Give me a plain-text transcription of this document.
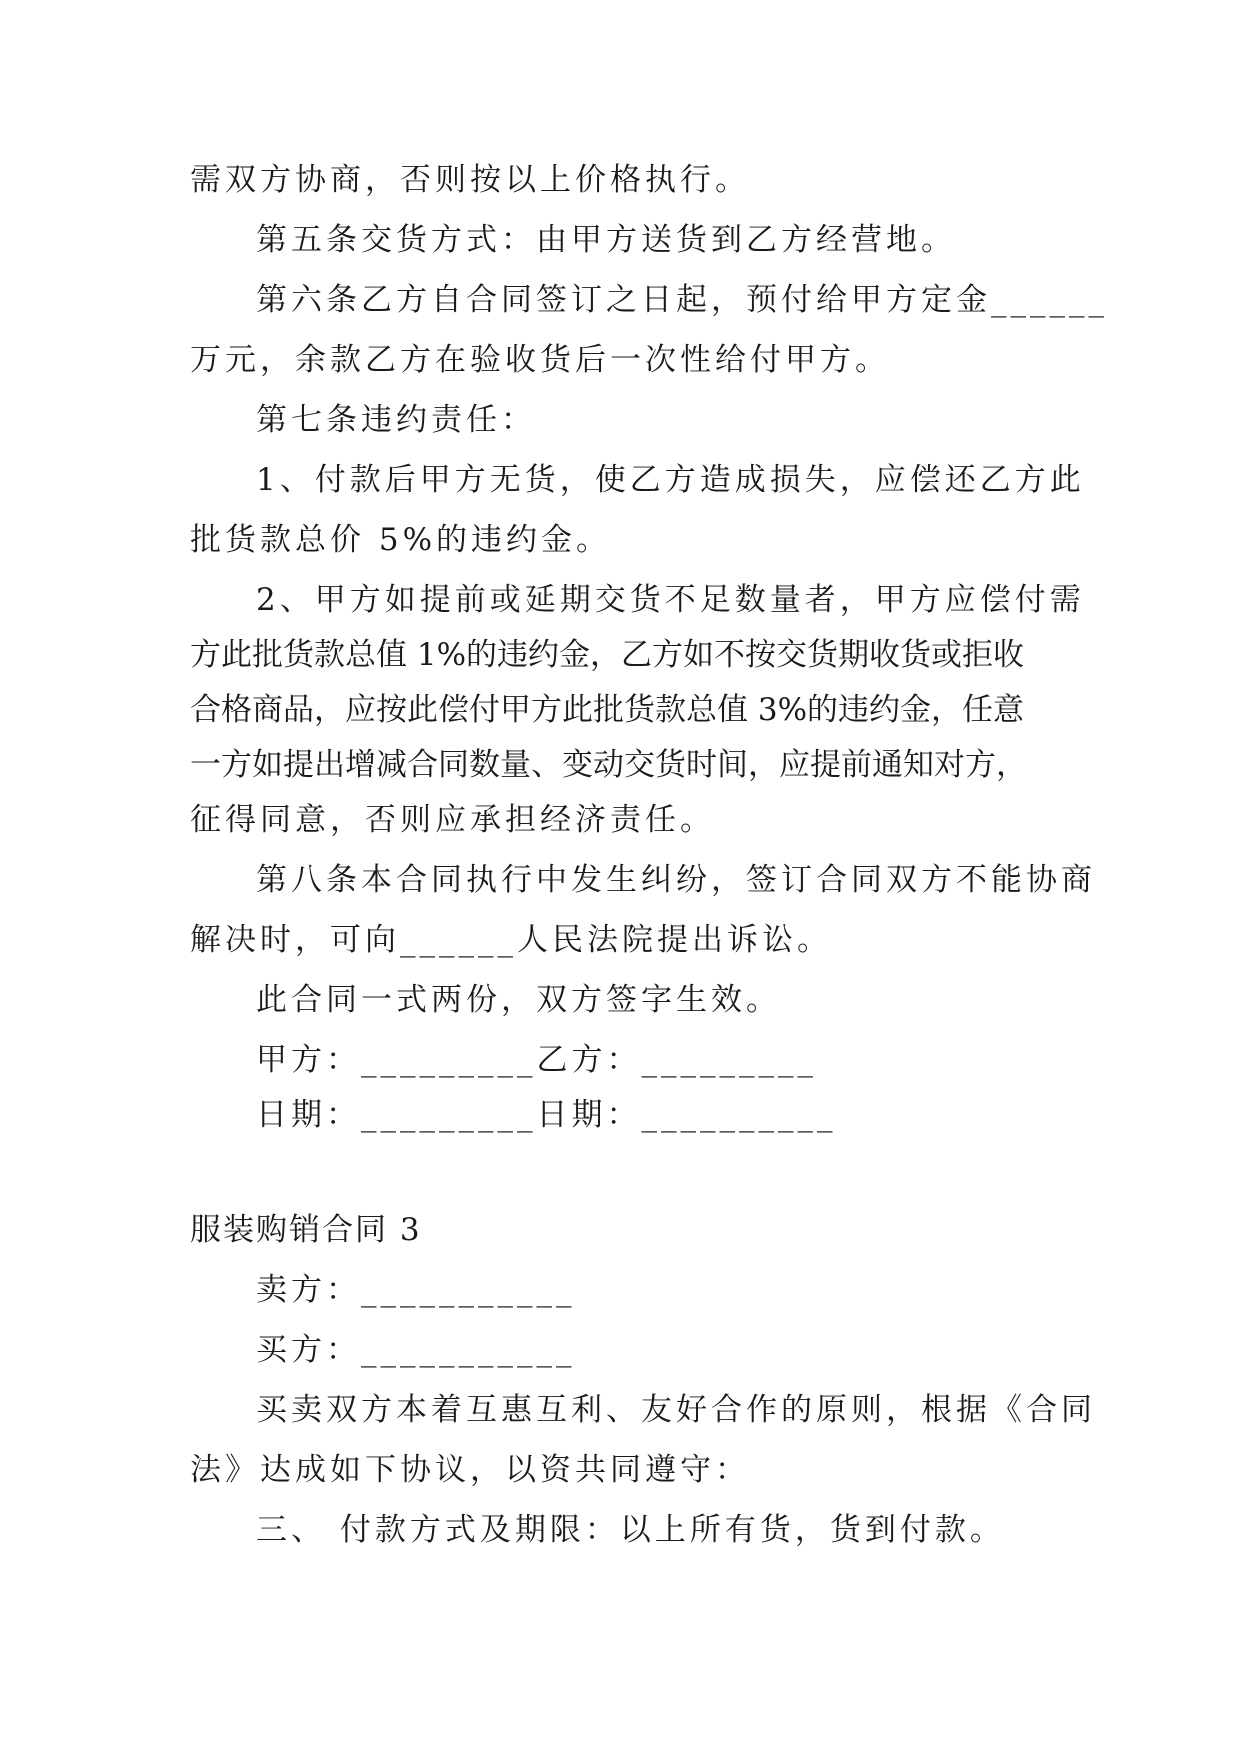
需双方协商，否则按以上价格执行。
第五条交货方式：由甲方送货到乙方经营地。
第六条乙方自合同签订之日起，预付给甲方定金______
万元，余款乙方在验收货后一次性给付甲方。
第七条违约责任：
1、付款后甲方无货，使乙方造成损失，应偿还乙方此
批货款总价 5%的违约金。
2、甲方如提前或延期交货不足数量者，甲方应偿付需
方此批货款总值 1%的违约金，乙方如不按交货期收货或拒收
合格商品，应按此偿付甲方此批货款总值 3%的违约金，任意
一方如提出增减合同数量、变动交货时间，应提前通知对方，
征得同意，否则应承担经济责任。
第八条本合同执行中发生纠纷，签订合同双方不能协商
解决时，可向______人民法院提出诉讼。
此合同一式两份，双方签字生效。
甲方：_________乙方：_________
日期：_________日期：__________
服装购销合同 3
卖方：___________
买方：___________
买卖双方本着互惠互利、友好合作的原则，根据《合同
法》达成如下协议，以资共同遵守：
三、 付款方式及期限：以上所有货，货到付款。
